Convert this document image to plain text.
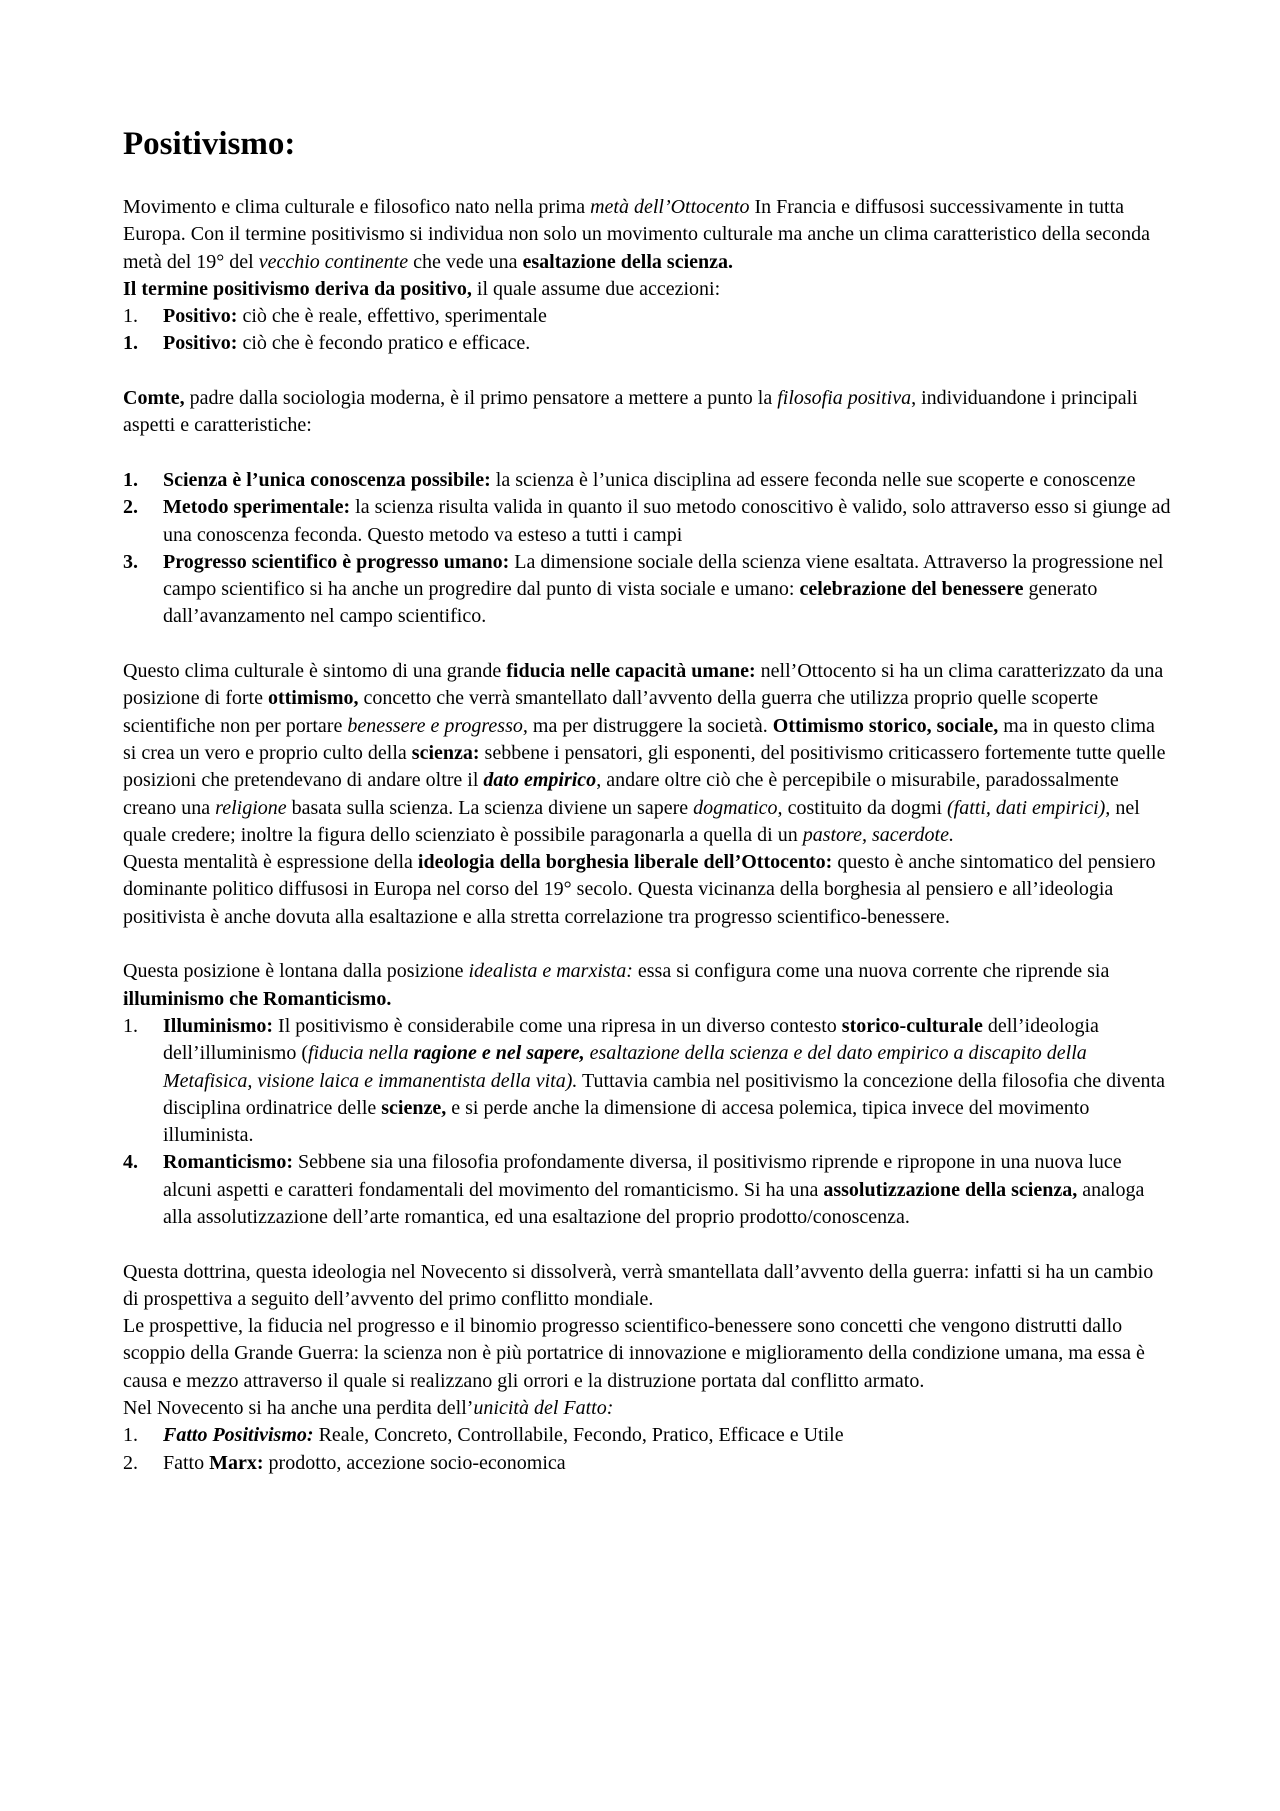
Positivismo:

Movimento e clima culturale e filosofico nato nella prima metà dell’Ottocento In Francia e diffusosi successivamente in tutta Europa. Con il termine positivismo si individua non solo un movimento culturale ma anche un clima caratteristico della seconda metà del 19° del vecchio continente che vede una esaltazione della scienza.

Il termine positivismo deriva da positivo, il quale assume due accezioni:

1. Positivo: ciò che è reale, effettivo, sperimentale
1. Positivo: ciò che è fecondo pratico e efficace.

Comte, padre dalla sociologia moderna, è il primo pensatore a mettere a punto la filosofia positiva, individuandone i principali aspetti e caratteristiche:

1. Scienza è l’unica conoscenza possibile: la scienza è l’unica disciplina ad essere feconda nelle sue scoperte e conoscenze
2. Metodo sperimentale: la scienza risulta valida in quanto il suo metodo conoscitivo è valido, solo attraverso esso si giunge ad una conoscenza feconda. Questo metodo va esteso a tutti i campi
3. Progresso scientifico è progresso umano: La dimensione sociale della scienza viene esaltata. Attraverso la progressione nel campo scientifico si ha anche un progredire dal punto di vista sociale e umano: celebrazione del benessere generato dall’avanzamento nel campo scientifico.

Questo clima culturale è sintomo di una grande fiducia nelle capacità umane: nell’Ottocento si ha un clima caratterizzato da una posizione di forte ottimismo, concetto che verrà smantellato dall’avvento della guerra che utilizza proprio quelle scoperte scientifiche non per portare benessere e progresso, ma per distruggere la società. Ottimismo storico, sociale, ma in questo clima si crea un vero e proprio culto della scienza: sebbene i pensatori, gli esponenti, del positivismo criticassero fortemente tutte quelle posizioni che pretendevano di andare oltre il dato empirico, andare oltre ciò che è percepibile o misurabile, paradossalmente creano una religione basata sulla scienza. La scienza diviene un sapere dogmatico, costituito da dogmi (fatti, dati empirici), nel quale credere; inoltre la figura dello scienziato è possibile paragonarla a quella di un pastore, sacerdote.

Questa mentalità è espressione della ideologia della borghesia liberale dell’Ottocento: questo è anche sintomatico del pensiero dominante politico diffusosi in Europa nel corso del 19° secolo. Questa vicinanza della borghesia al pensiero e all’ideologia positivista è anche dovuta alla esaltazione e alla stretta correlazione tra progresso scientifico-benessere.

Questa posizione è lontana dalla posizione idealista e marxista: essa si configura come una nuova corrente che riprende sia illuminismo che Romanticismo.

1. Illuminismo: Il positivismo è considerabile come una ripresa in un diverso contesto storico-culturale dell’ideologia dell’illuminismo (fiducia nella ragione e nel sapere, esaltazione della scienza e del dato empirico a discapito della Metafisica, visione laica e immanentista della vita). Tuttavia cambia nel positivismo la concezione della filosofia che diventa disciplina ordinatrice delle scienze, e si perde anche la dimensione di accesa polemica, tipica invece del movimento illuminista.
4. Romanticismo: Sebbene sia una filosofia profondamente diversa, il positivismo riprende e ripropone in una nuova luce alcuni aspetti e caratteri fondamentali del movimento del romanticismo. Si ha una assolutizzazione della scienza, analoga alla assolutizzazione dell’arte romantica, ed una esaltazione del proprio prodotto/conoscenza.

Questa dottrina, questa ideologia nel Novecento si dissolverà, verrà smantellata dall’avvento della guerra: infatti si ha un cambio di prospettiva a seguito dell’avvento del primo conflitto mondiale.

Le prospettive, la fiducia nel progresso e il binomio progresso scientifico-benessere sono concetti che vengono distrutti dallo scoppio della Grande Guerra: la scienza non è più portatrice di innovazione e miglioramento della condizione umana, ma essa è causa e mezzo attraverso il quale si realizzano gli orrori e la distruzione portata dal conflitto armato.

Nel Novecento si ha anche una perdita dell’unicità del Fatto:

1. Fatto Positivismo: Reale, Concreto, Controllabile, Fecondo, Pratico, Efficace e Utile
2. Fatto Marx: prodotto, accezione socio-economica
